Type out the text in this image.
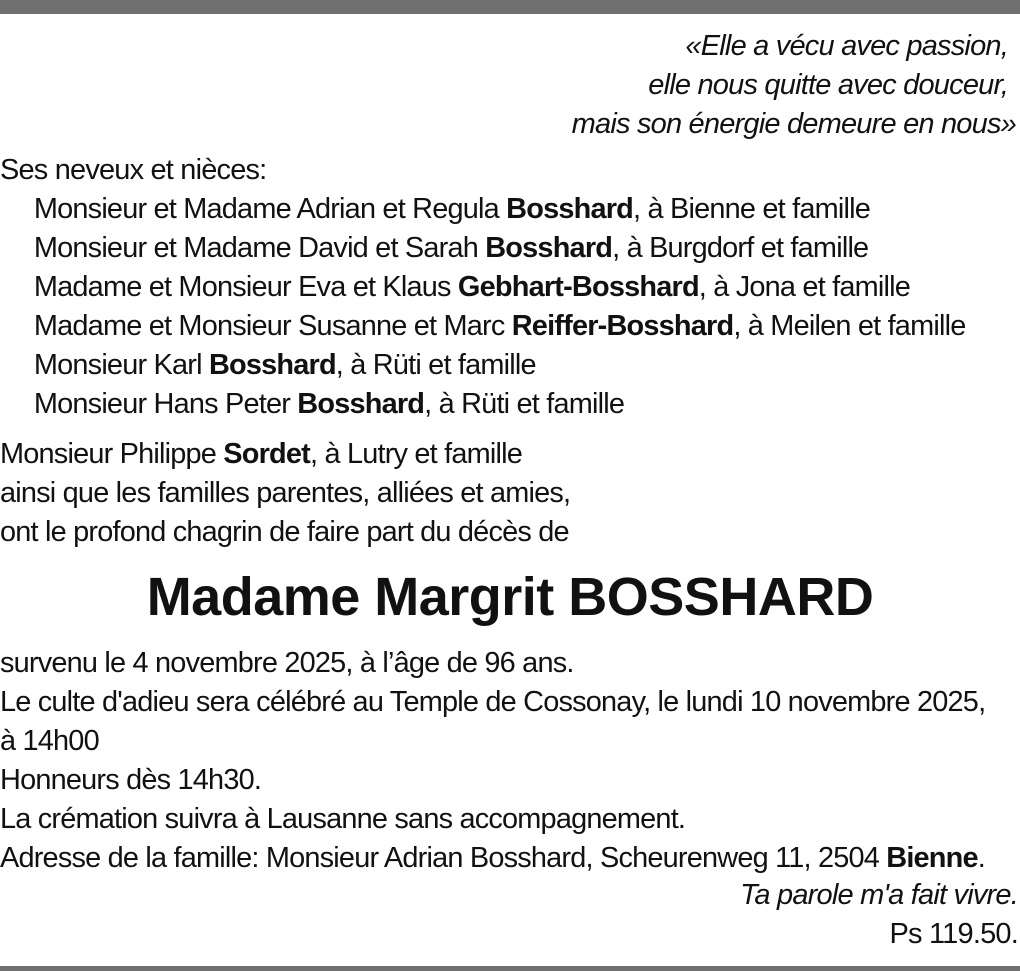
«Elle a vécu avec passion,
elle nous quitte avec douceur,
mais son énergie demeure en nous»
Ses neveux et nièces:
Monsieur et Madame Adrian et Regula Bosshard, à Bienne et famille
Monsieur et Madame David et Sarah Bosshard, à Burgdorf et famille
Madame et Monsieur Eva et Klaus Gebhart-Bosshard, à Jona et famille
Madame et Monsieur Susanne et Marc Reiffer-Bosshard, à Meilen et famille
Monsieur Karl Bosshard, à Rüti et famille
Monsieur Hans Peter Bosshard, à Rüti et famille
Monsieur Philippe Sordet, à Lutry et famille
ainsi que les familles parentes, alliées et amies,
ont le profond chagrin de faire part du décès de
Madame Margrit BOSSHARD
survenu le 4 novembre 2025, à l’âge de 96 ans.
Le culte d'adieu sera célébré au Temple de Cossonay, le lundi 10 novembre 2025,
à 14h00
Honneurs dès 14h30.
La crémation suivra à Lausanne sans accompagnement.
Adresse de la famille: Monsieur Adrian Bosshard, Scheurenweg 11, 2504 Bienne.
Ta parole m'a fait vivre.
Ps 119.50.
